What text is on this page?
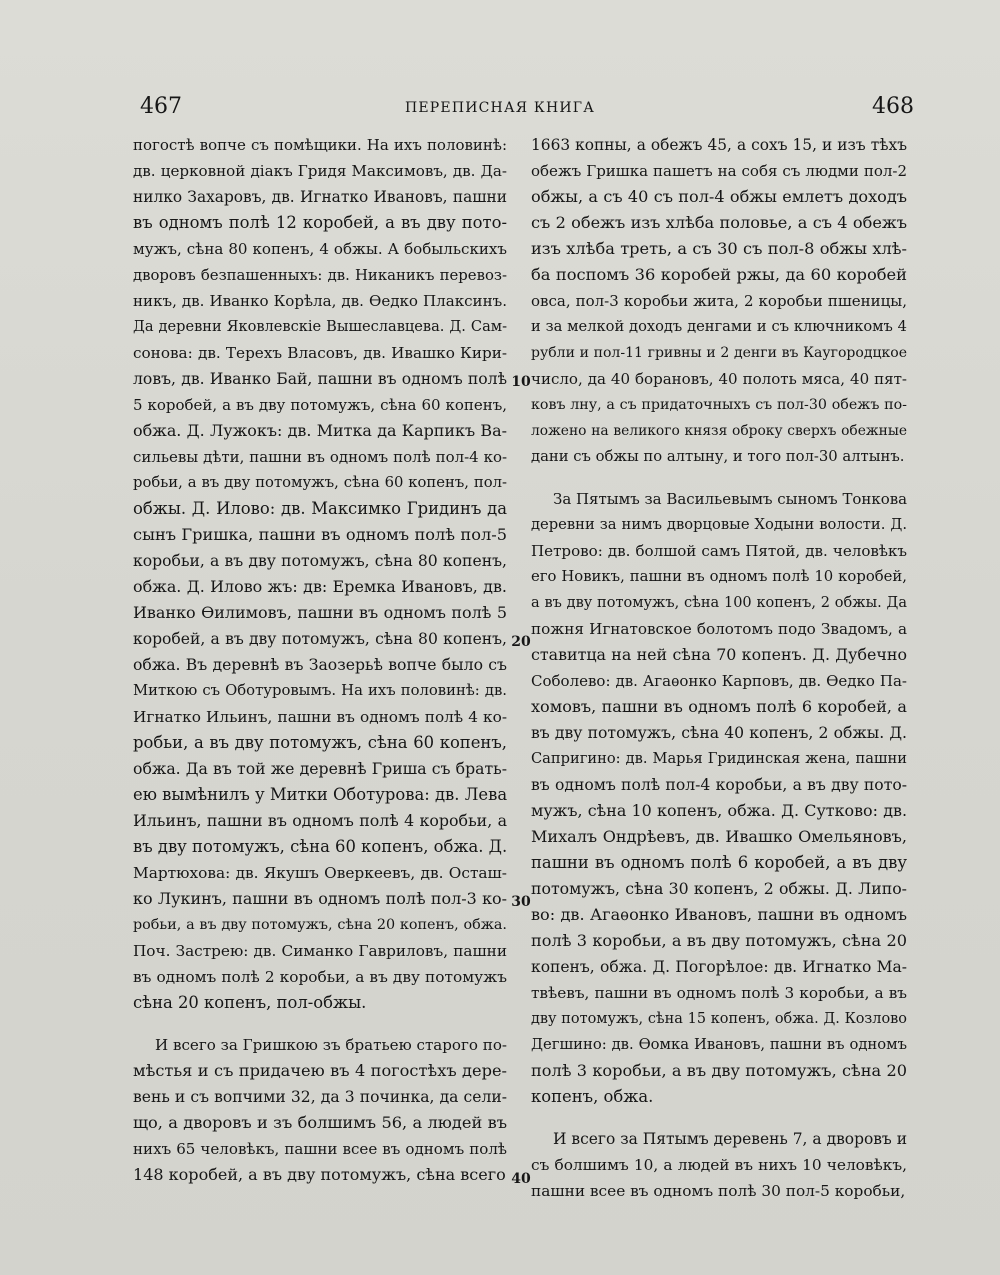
467	ПЕРЕПИСНАЯ КНИГА	468
погостѣ вопче съ помѣщики. На ихъ половинѣ:
дв. церковной діакъ Гридя Максимовъ, дв. Да-
нилко Захаровъ, дв. Игнатко Ивановъ, пашни
въ одномъ полѣ 12 коробей, а въ дву пото-
мужъ, сѣна 80 копенъ, 4 обжы. А бобыльскихъ
дворовъ безпашенныхъ: дв. Никаникъ перевоз-
никъ, дв. Иванко Корѣла, дв. Ѳедко Плаксинъ.
Да деревни Яковлевскіе Вышеславцева. Д. Сам-
сонова: дв. Терехъ Власовъ, дв. Ивашко Кири-
ловъ, дв. Иванко Бай, пашни въ одномъ полѣ
5 коробей, а въ дву потомужъ, сѣна 60 копенъ,
обжа. Д. Лужокъ: дв. Митка да Карпикъ Ва-
сильевы дѣти, пашни въ одномъ полѣ пол-4 ко-
робьи, а въ дву потомужъ, сѣна 60 копенъ, пол-
обжы. Д. Илово: дв. Максимко Гридинъ да
сынъ Гришка, пашни въ одномъ полѣ пол-5
коробьи, а въ дву потомужъ, сѣна 80 копенъ,
обжа. Д. Илово жъ: дв: Еремка Ивановъ, дв.
Иванко Ѳилимовъ, пашни въ одномъ полѣ 5
коробей, а въ дву потомужъ, сѣна 80 копенъ,
обжа. Въ деревнѣ въ Заозерьѣ вопче было съ
Миткою съ Оботуровымъ. На ихъ половинѣ: дв.
Игнатко Ильинъ, пашни въ одномъ полѣ 4 ко-
робьи, а въ дву потомужъ, сѣна 60 копенъ,
обжа. Да въ той же деревнѣ Гриша съ брать-
ею вымѣнилъ у Митки Оботурова: дв. Лева
Ильинъ, пашни въ одномъ полѣ 4 коробьи, а
въ дву потомужъ, сѣна 60 копенъ, обжа. Д.
Мартюхова: дв. Якушъ Оверкеевъ, дв. Осташ-
ко Лукинъ, пашни въ одномъ полѣ пол-3 ко-
робьи, а въ дву потомужъ, сѣна 20 копенъ, обжа.
Поч. Застрею: дв. Симанко Гавриловъ, пашни
въ одномъ полѣ 2 коробьи, а въ дву потомужъ
сѣна 20 копенъ, пол-обжы.
И всего за Гришкою зъ братьею старого по-
мѣстья и съ придачею въ 4 погостѣхъ дере-
вень и съ вопчими 32, да 3 починка, да сели-
що, а дворовъ и зъ болшимъ 56, а людей въ
нихъ 65 человѣкъ, пашни всее въ одномъ полѣ
148 коробей, а въ дву потомужъ, сѣна всего
1663 копны, а обежъ 45, а сохъ 15, и изъ тѣхъ
обежъ Гришка пашетъ на собя съ людми пол-2
обжы, а съ 40 съ пол-4 обжы емлетъ доходъ
съ 2 обежъ изъ хлѣба половье, а съ 4 обежъ
изъ хлѣба треть, а съ 30 съ пол-8 обжы хлѣ-
ба поспомъ 36 коробей ржы, да 60 коробей
овса, пол-3 коробьи жита, 2 коробьи пшеницы,
и за мелкой доходъ денгами и съ ключникомъ 4
рубли и пол-11 гривны и 2 денги въ Каугородцкое
число, да 40 борановъ, 40 полоть мяса, 40 пят-
ковъ лну, а съ придаточныхъ съ пол-30 обежъ по-
ложено на великого князя оброку сверхъ обежные
дани съ обжы по алтыну, и того пол-30 алтынъ.
За Пятымъ за Васильевымъ сыномъ Тонкова
деревни за нимъ дворцовые Ходыни волости. Д.
Петрово: дв. болшой самъ Пятой, дв. человѣкъ
его Новикъ, пашни въ одномъ полѣ 10 коробей,
а въ дву потомужъ, сѣна 100 копенъ, 2 обжы. Да
пожня Игнатовское болотомъ подо Звадомъ, а
ставитца на ней сѣна 70 копенъ. Д. Дубечно
Соболево: дв. Агаѳонко Карповъ, дв. Ѳедко Па-
хомовъ, пашни въ одномъ полѣ 6 коробей, а
въ дву потомужъ, сѣна 40 копенъ, 2 обжы. Д.
Сапригино: дв. Марья Гридинская жена, пашни
въ одномъ полѣ пол-4 коробьи, а въ дву пото-
мужъ, сѣна 10 копенъ, обжа. Д. Сутково: дв.
Михалъ Ондрѣевъ, дв. Ивашко Омельяновъ,
пашни въ одномъ полѣ 6 коробей, а въ дву
потомужъ, сѣна 30 копенъ, 2 обжы. Д. Липо-
во: дв. Агаѳонко Ивановъ, пашни въ одномъ
полѣ 3 коробьи, а въ дву потомужъ, сѣна 20
копенъ, обжа. Д. Погорѣлое: дв. Игнатко Ма-
твѣевъ, пашни въ одномъ полѣ 3 коробьи, а въ
дву потомужъ, сѣна 15 копенъ, обжа. Д. Козлово
Дегшино: дв. Ѳомка Ивановъ, пашни въ одномъ
полѣ 3 коробьи, а въ дву потомужъ, сѣна 20
копенъ, обжа.
И всего за Пятымъ деревень 7, а дворовъ и
съ болшимъ 10, а людей въ нихъ 10 человѣкъ,
пашни всее въ одномъ полѣ 30 пол-5 коробьи,
10
20
30
40
